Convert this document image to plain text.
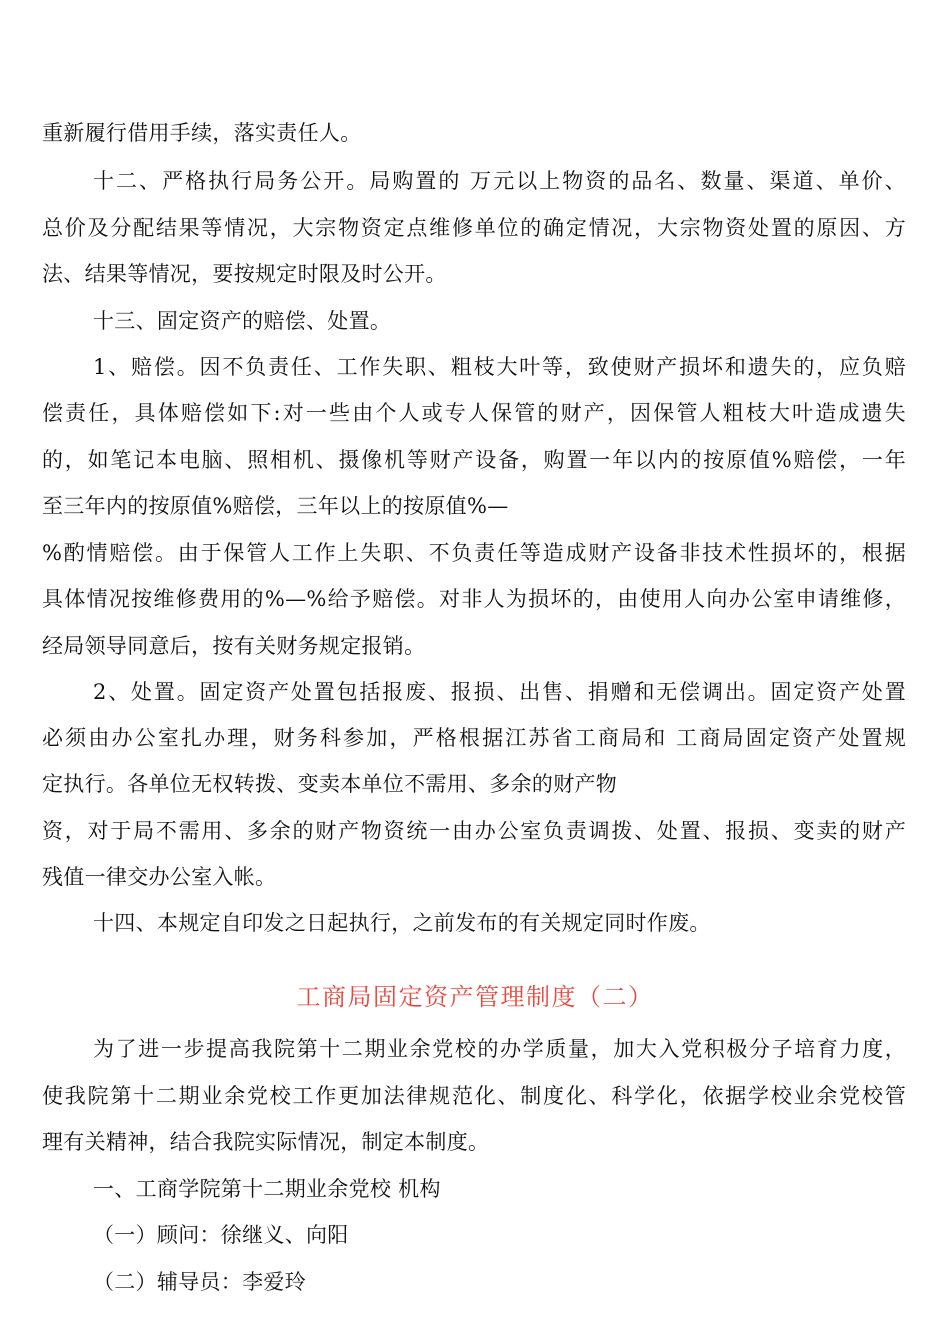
重新履行借用手续，落实责任人。
十二、严格执行局务公开。局购置的 万元以上物资的品名、数量、渠道、单价、
总价及分配结果等情况，大宗物资定点维修单位的确定情况，大宗物资处置的原因、方
法、结果等情况，要按规定时限及时公开。
十三、固定资产的赔偿、处置。
1、赔偿。因不负责任、工作失职、粗枝大叶等，致使财产损坏和遗失的，应负赔
偿责任，具体赔偿如下:对一些由个人或专人保管的财产，因保管人粗枝大叶造成遗失
的，如笔记本电脑、照相机、摄像机等财产设备，购置一年以内的按原值%赔偿，一年
至三年内的按原值%赔偿，三年以上的按原值%—
%酌情赔偿。由于保管人工作上失职、不负责任等造成财产设备非技术性损坏的，根据
具体情况按维修费用的%—%给予赔偿。对非人为损坏的，由使用人向办公室申请维修，
经局领导同意后，按有关财务规定报销。
2、处置。固定资产处置包括报废、报损、出售、捐赠和无偿调出。固定资产处置
必须由办公室扎办理，财务科参加，严格根据江苏省工商局和 工商局固定资产处置规
定执行。各单位无权转拨、变卖本单位不需用、多余的财产物
资，对于局不需用、多余的财产物资统一由办公室负责调拨、处置、报损、变卖的财产
残值一律交办公室入帐。
十四、本规定自印发之日起执行，之前发布的有关规定同时作废。
工商局固定资产管理制度（二）
为了进一步提高我院第十二期业余党校的办学质量，加大入党积极分子培育力度，
使我院第十二期业余党校工作更加法律规范化、制度化、科学化，依据学校业余党校管
理有关精神，结合我院实际情况，制定本制度。
一、工商学院第十二期业余党校 机构
（一）顾问：徐继义、向阳
（二）辅导员：李爱玲
